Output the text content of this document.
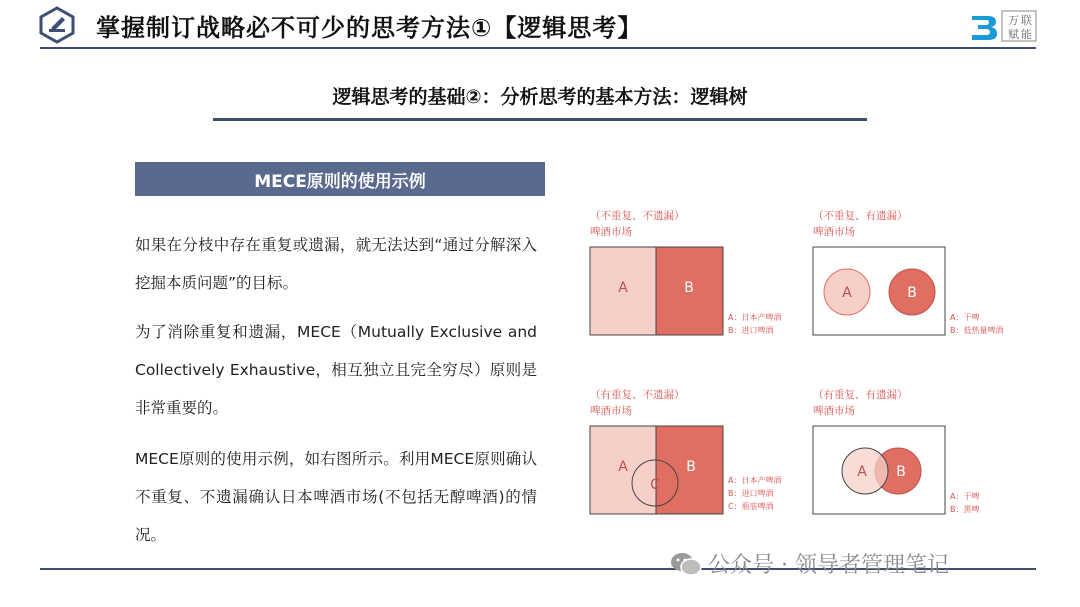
掌握制订战略必不可少的思考方法①【逻辑思考】	万 联
赋 能
逻辑思考的基础②：分析思考的基本方法：逻辑树
MECE原则的使用示例
如果在分枝中存在重复或遗漏，就无法达到“通过分解深入挖掘本质问题”的目标。
为了消除重复和遗漏，MECE（Mutually Exclusive and Collectively Exhaustive，相互独立且完全穷尽）原则是非常重要的。
MECE原则的使用示例，如右图所示。利用MECE原则确认不重复、不遗漏确认日本啤酒市场(不包括无醇啤酒)的情况。
（不重复、不遗漏）
啤酒市场
A	B
A：日本产啤酒
B：进口啤酒
（不重复、有遗漏）
啤酒市场
A	B
A：干啤
B：低热量啤酒
（有重复、不遗漏）
啤酒市场
A	B
C	A：日本产啤酒
B：进口啤酒
C：瓶装啤酒
（有重复、有遗漏）
啤酒市场
A B
A：干啤
B：黑啤
公众号 · 领导者管理笔记
